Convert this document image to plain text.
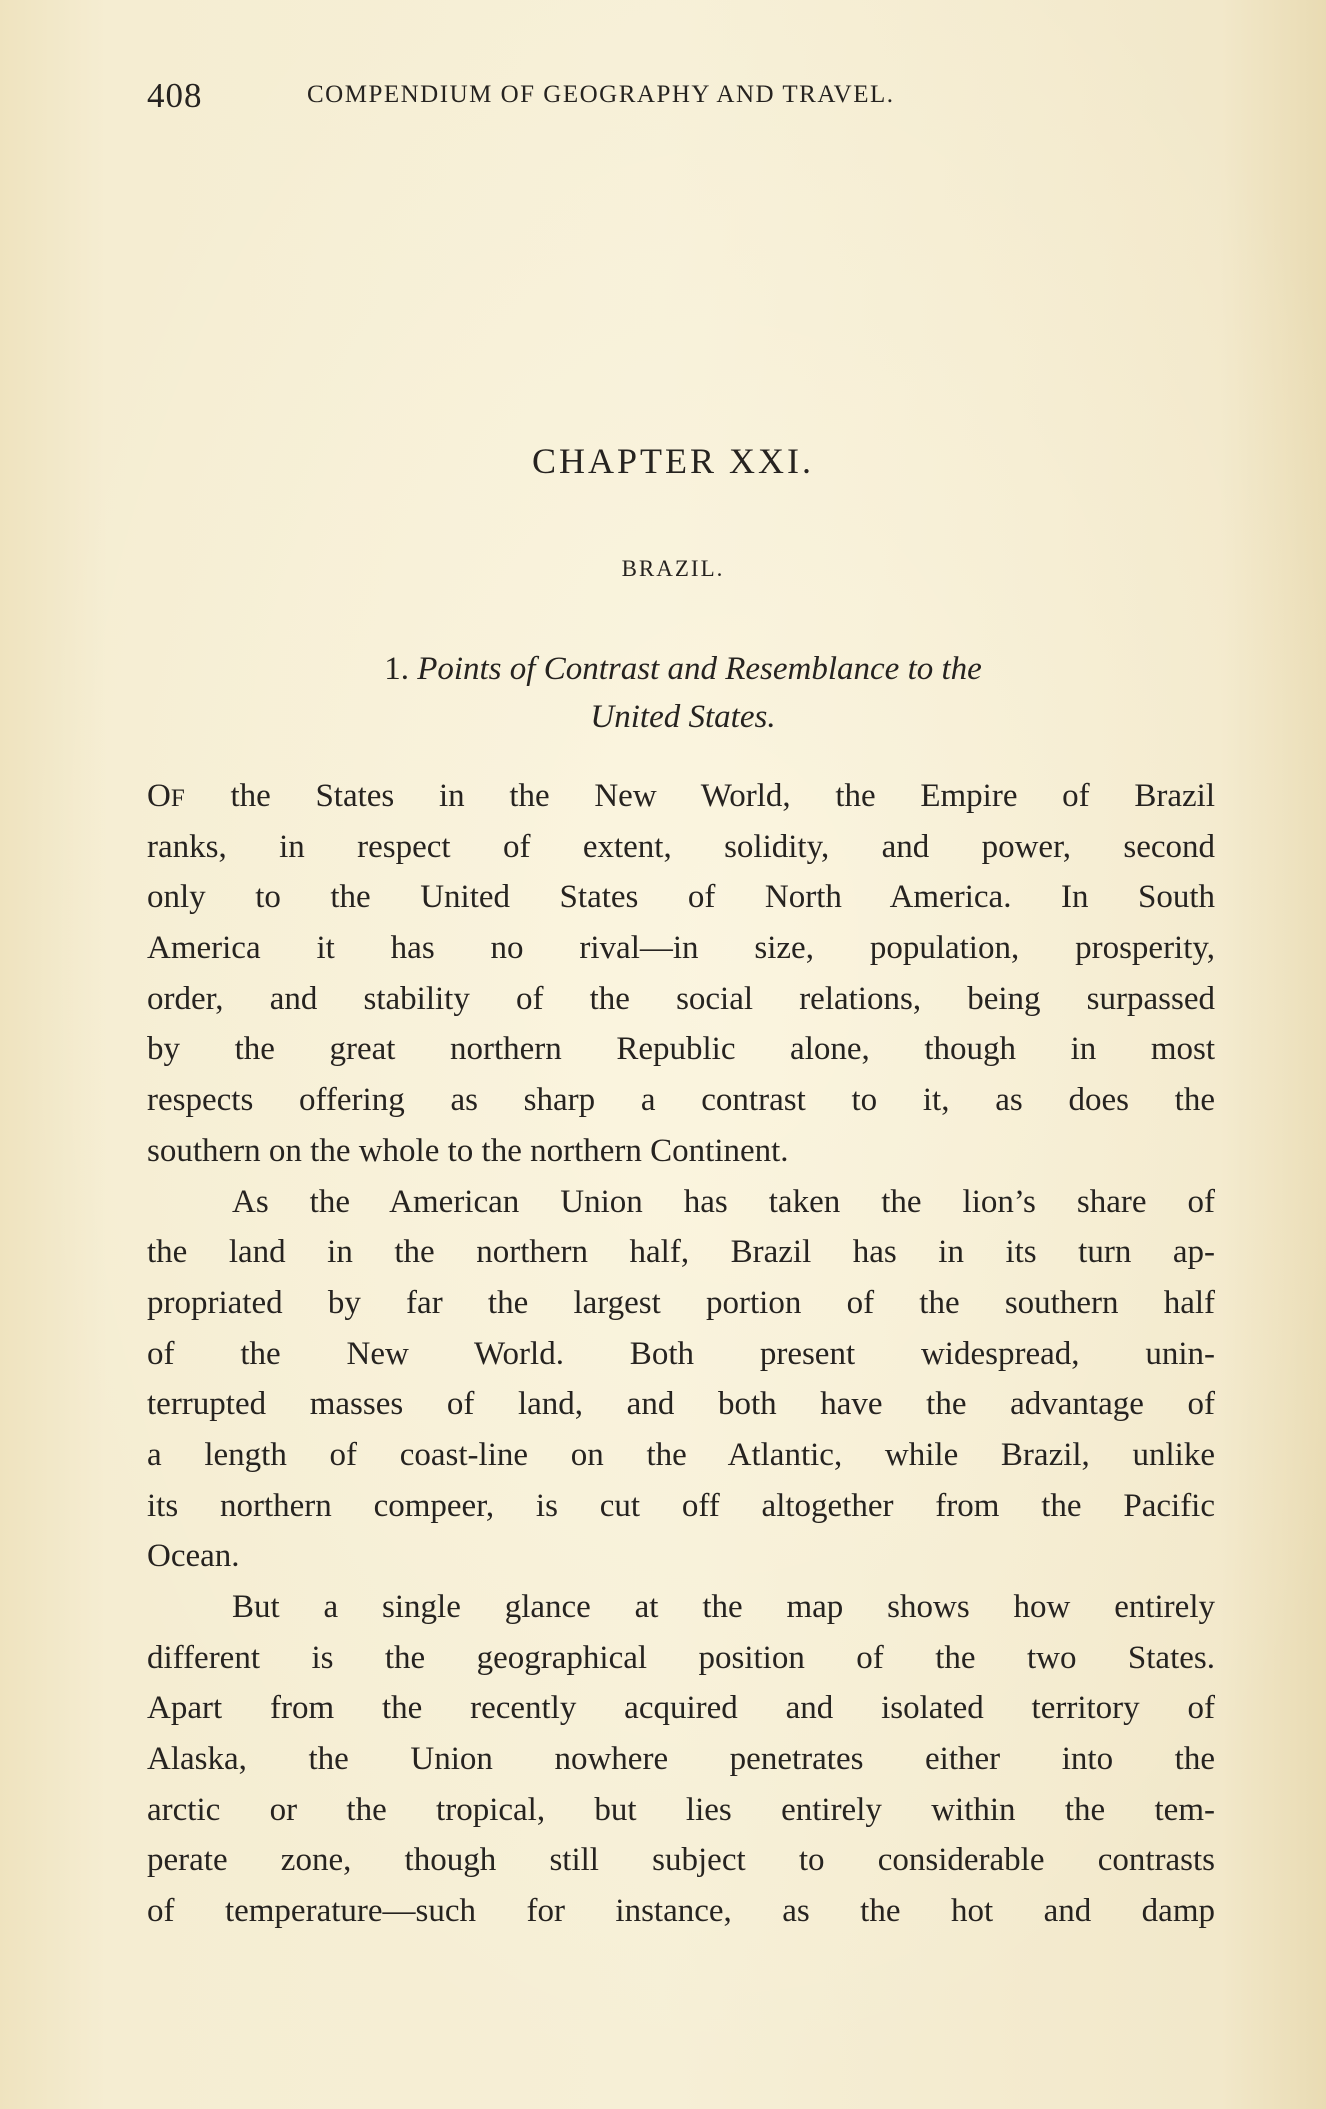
408	COMPENDIUM OF GEOGRAPHY AND TRAVEL.
CHAPTER XXI.
BRAZIL.
1. Points of Contrast and Resemblance to the
United States.
OF the States in the New World, the Empire of Brazil
ranks, in respect of extent, solidity, and power, second
only to the United States of North America. In South
America it has no rival—in size, population, prosperity,
order, and stability of the social relations, being surpassed
by the great northern Republic alone, though in most
respects offering as sharp a contrast to it, as does the
southern on the whole to the northern Continent.
As the American Union has taken the lion’s share of
the land in the northern half, Brazil has in its turn ap-
propriated by far the largest portion of the southern half
of the New World. Both present widespread, unin-
terrupted masses of land, and both have the advantage of
a length of coast-line on the Atlantic, while Brazil, unlike
its northern compeer, is cut off altogether from the Pacific
Ocean.
But a single glance at the map shows how entirely
different is the geographical position of the two States.
Apart from the recently acquired and isolated territory of
Alaska, the Union nowhere penetrates either into the
arctic or the tropical, but lies entirely within the tem-
perate zone, though still subject to considerable contrasts
of temperature—such for instance, as the hot and damp
